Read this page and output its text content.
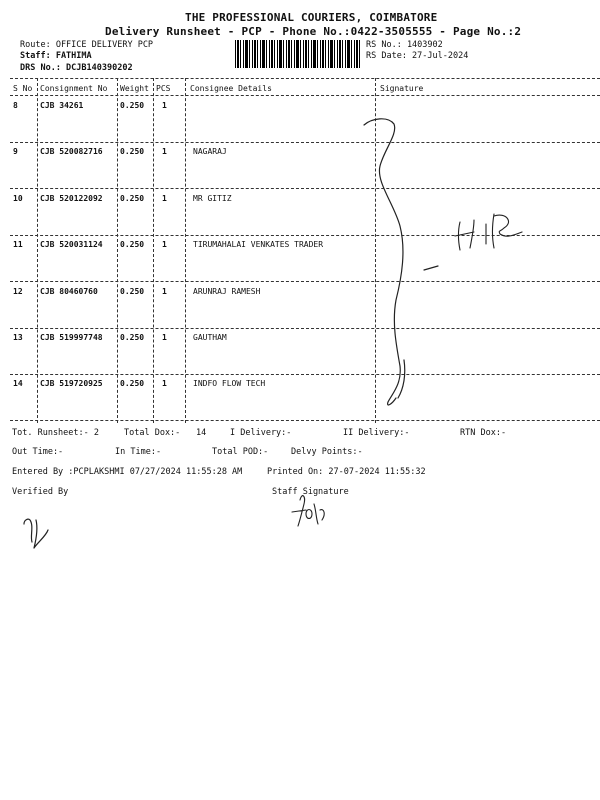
THE PROFESSIONAL COURIERS, COIMBATORE
Delivery Runsheet - PCP - Phone No.:0422-3505555 - Page No.:2
Route: OFFICE DELIVERY PCP
Staff: FATHIMA
DRS No.: DCJB140390202
RS No.: 1403902
RS Date: 27-Jul-2024
S No Consignment No Weight PCS Consignee Details	Signature
8	CJB 34261	0.250 1
9	CJB 520082716 0.250 1	NAGARAJ
10 CJB 520122092 0.250 1	MR GITIZ
11 CJB 520031124 0.250 1	TIRUMAHALAI VENKATES TRADER
12 CJB 80460760	0.250 1	ARUNRAJ RAMESH
13 CJB 519997748 0.250 1	GAUTHAM
14 CJB 519720925 0.250 1	INDFO FLOW TECH
Tot. Runsheet:- 2	Total Dox:- 14	I Delivery:-	II Delivery:-	RTN Dox:-
Out Time:-	In Time:-	Total POD:-	Delvy Points:-
Entered By :PCPLAKSHMI 07/27/2024 11:55:28 AM	Printed On: 27-07-2024 11:55:32
Verified By	Staff Signature
